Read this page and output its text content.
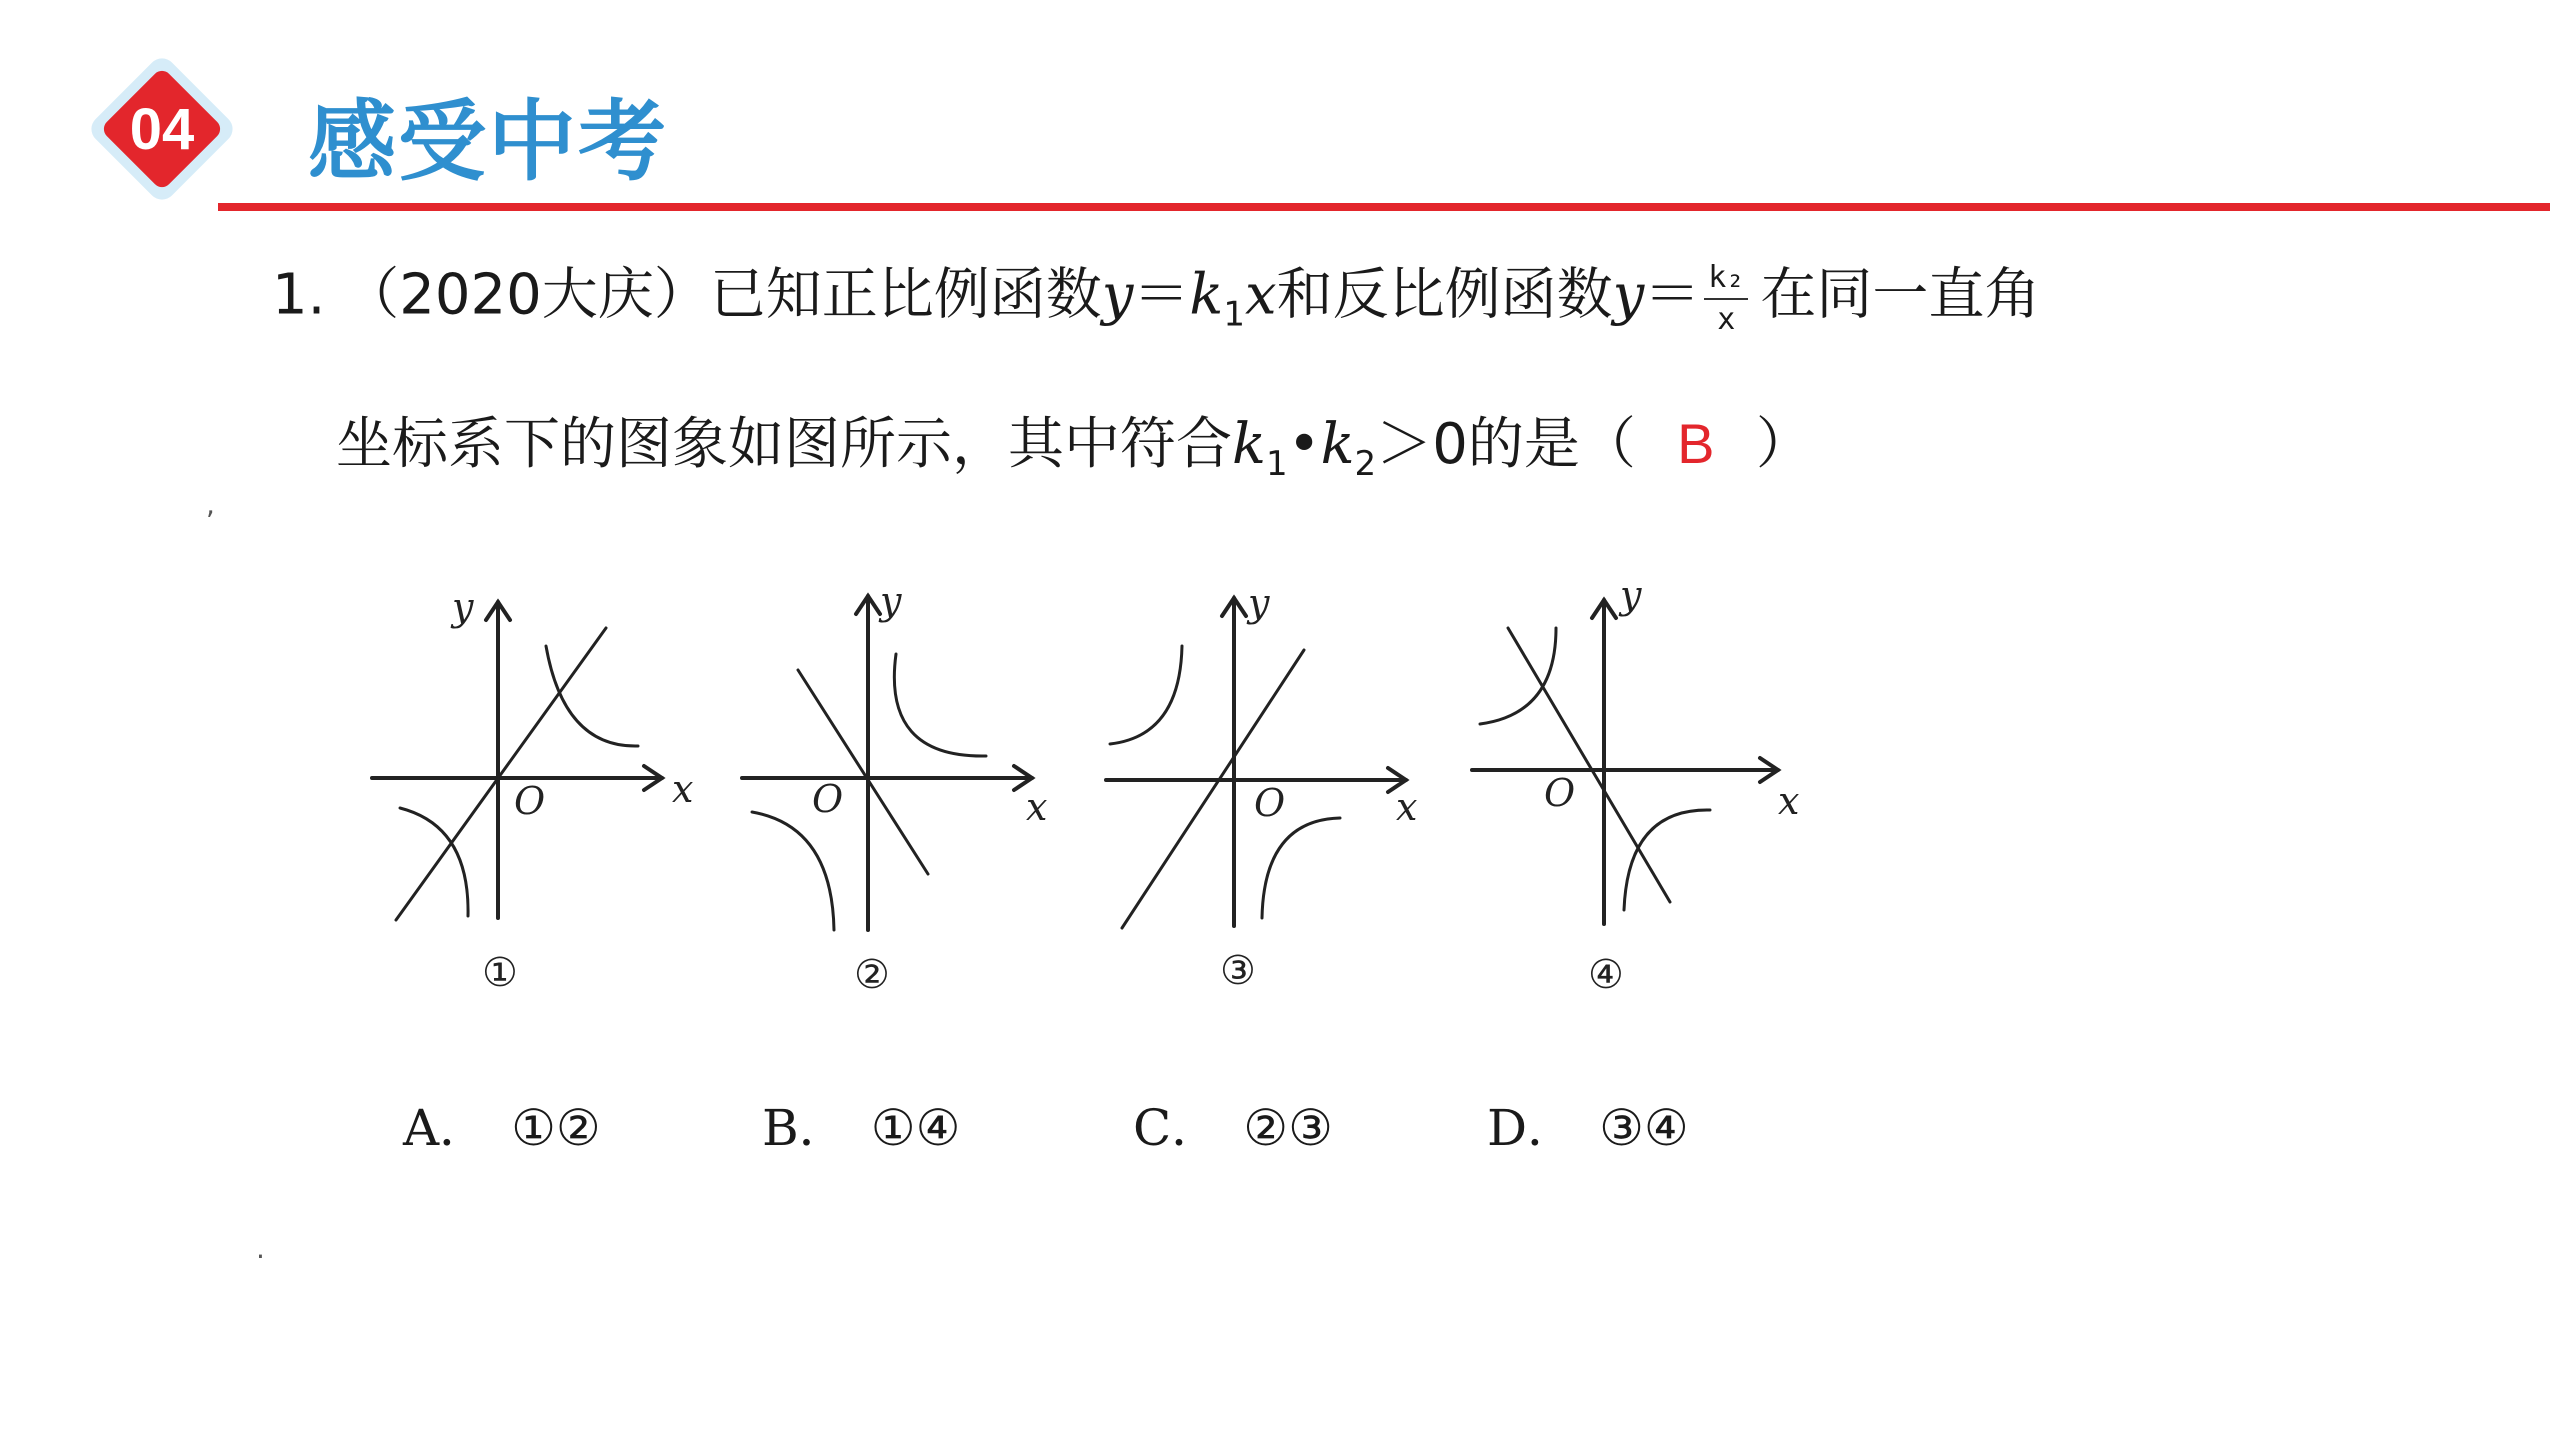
04	感受中考
1. （2020大庆）已知正比例函数$y=k_1x$和反比例函数$y= \frac{\text{k₂}}{x}$ 在同一直角
坐标系下的图象如图所示，其中符合$k_1•k_2>0$的是（ B ）
,
.
y
x
O
①
y
x
O
②
y
x
O
③
y
x
O
④
A． ①②	B． ①④	C． ②③	D． ③④
